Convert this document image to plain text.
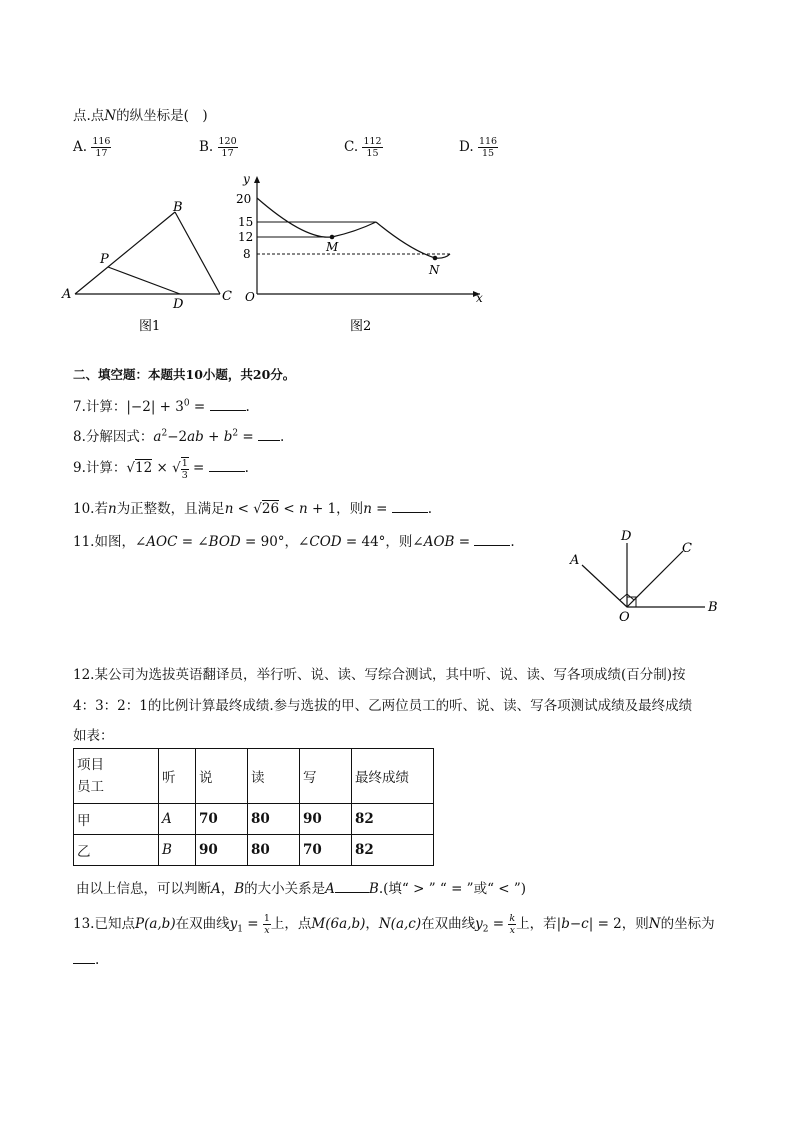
点.点N的纵坐标是(　)
A. $\frac{116}{17}$	B. $\frac{120}{17}$	C. $\frac{112}{15}$	D. $\frac{116}{15}$
A
B
C
P
D
图1
y
x
O
20
15
12
8	M
N
图2
二、填空题：本题共10小题，共20分。
7.计算：$|-2| + 3^0$ =	.
8.分解因式：$a^2-2ab + b^2$ = .
9.计算：√12 × √ $\frac{1}{3}$ =	.
10.若n为正整数，且满足n < √26 < n + 1，则n =	.
11.如图，∠AOC = ∠BOD = 90°，∠COD = 44°，则∠AOB =	.
A
B
C
D
O
12.某公司为选拔英语翻译员，举行听、说、读、写综合测试，其中听、说、读、写各项成绩(百分制)按
4：3：2：1的比例计算最终成绩.参与选拔的甲、乙两位员工的听、说、读、写各项测试成绩及最终成绩
如表：
项目
员工	听	说	读	写	最终成绩
甲	A	70	80	90	82
乙	B	90	80	70	82
由以上信息，可以判断A，B的大小关系是A	B.(填“ > ” “ = ”或“ < ”)
13.已知点P(a,b)在双曲线$y_1 = \frac{1}{x}$ 上，点M(6a,b)，N(a,c)在双曲线$y_2 = \frac{k}{x}$ 上，若|b−c| = 2，则N的坐标为
.
